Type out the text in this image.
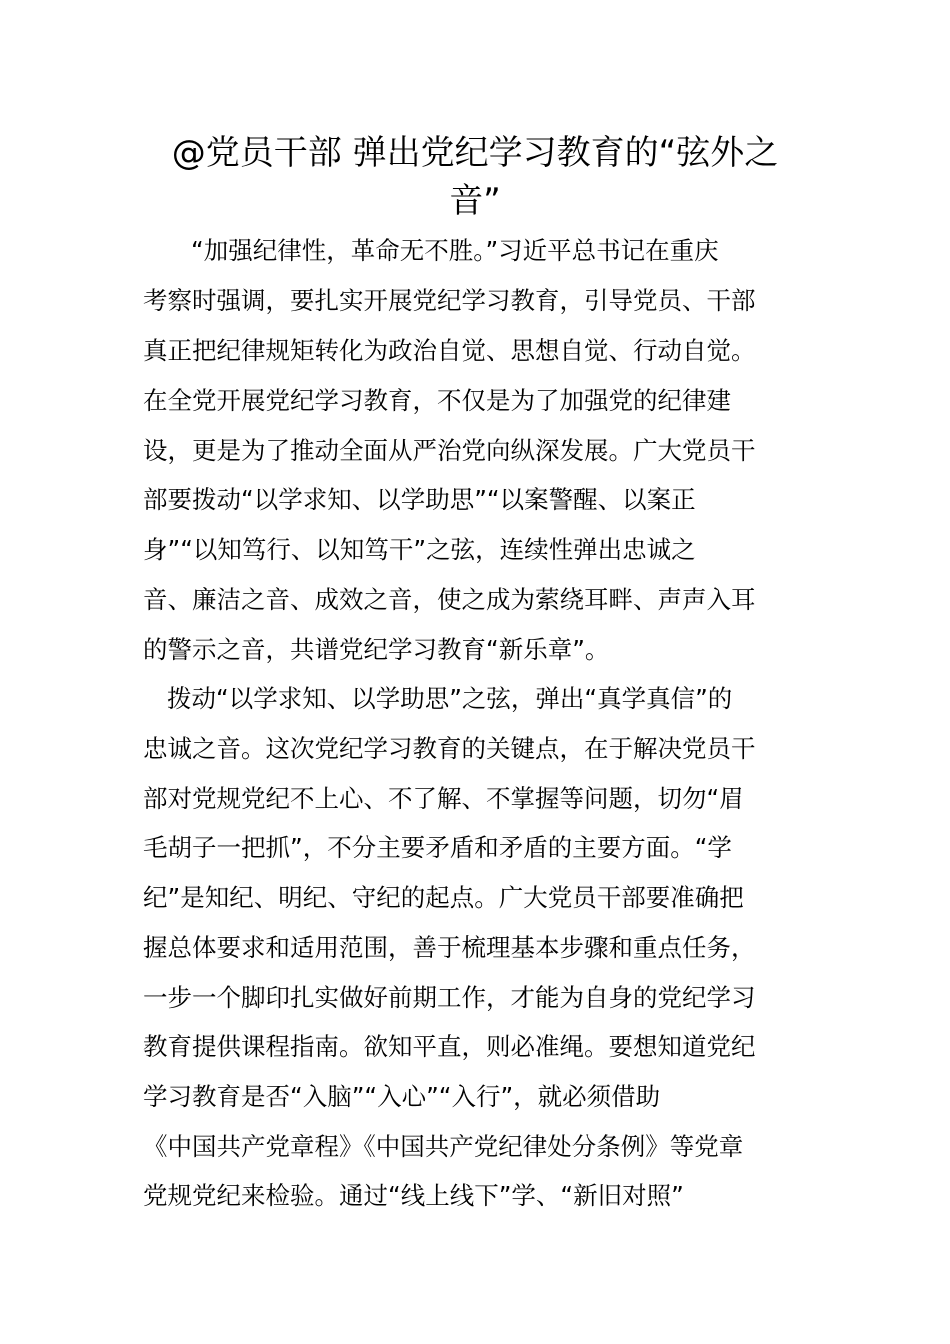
@党员干部 弹出党纪学习教育的“弦外之
音”
“加强纪律性，革命无不胜。”习近平总书记在重庆
考察时强调，要扎实开展党纪学习教育，引导党员、干部
真正把纪律规矩转化为政治自觉、思想自觉、行动自觉。
在全党开展党纪学习教育，不仅是为了加强党的纪律建
设，更是为了推动全面从严治党向纵深发展。广大党员干
部要拨动“以学求知、以学助思”“以案警醒、以案正
身”“以知笃行、以知笃干”之弦，连续性弹出忠诚之
音、廉洁之音、成效之音，使之成为萦绕耳畔、声声入耳
的警示之音，共谱党纪学习教育“新乐章”。
拨动“以学求知、以学助思”之弦，弹出“真学真信”的
忠诚之音。这次党纪学习教育的关键点，在于解决党员干
部对党规党纪不上心、不了解、不掌握等问题，切勿“眉
毛胡子一把抓”，不分主要矛盾和矛盾的主要方面。“学
纪”是知纪、明纪、守纪的起点。广大党员干部要准确把
握总体要求和适用范围，善于梳理基本步骤和重点任务，
一步一个脚印扎实做好前期工作，才能为自身的党纪学习
教育提供课程指南。欲知平直，则必准绳。要想知道党纪
学习教育是否“入脑”“入心”“入行”，就必须借助
《中国共产党章程》《中国共产党纪律处分条例》等党章
党规党纪来检验。通过“线上线下”学、“新旧对照”
